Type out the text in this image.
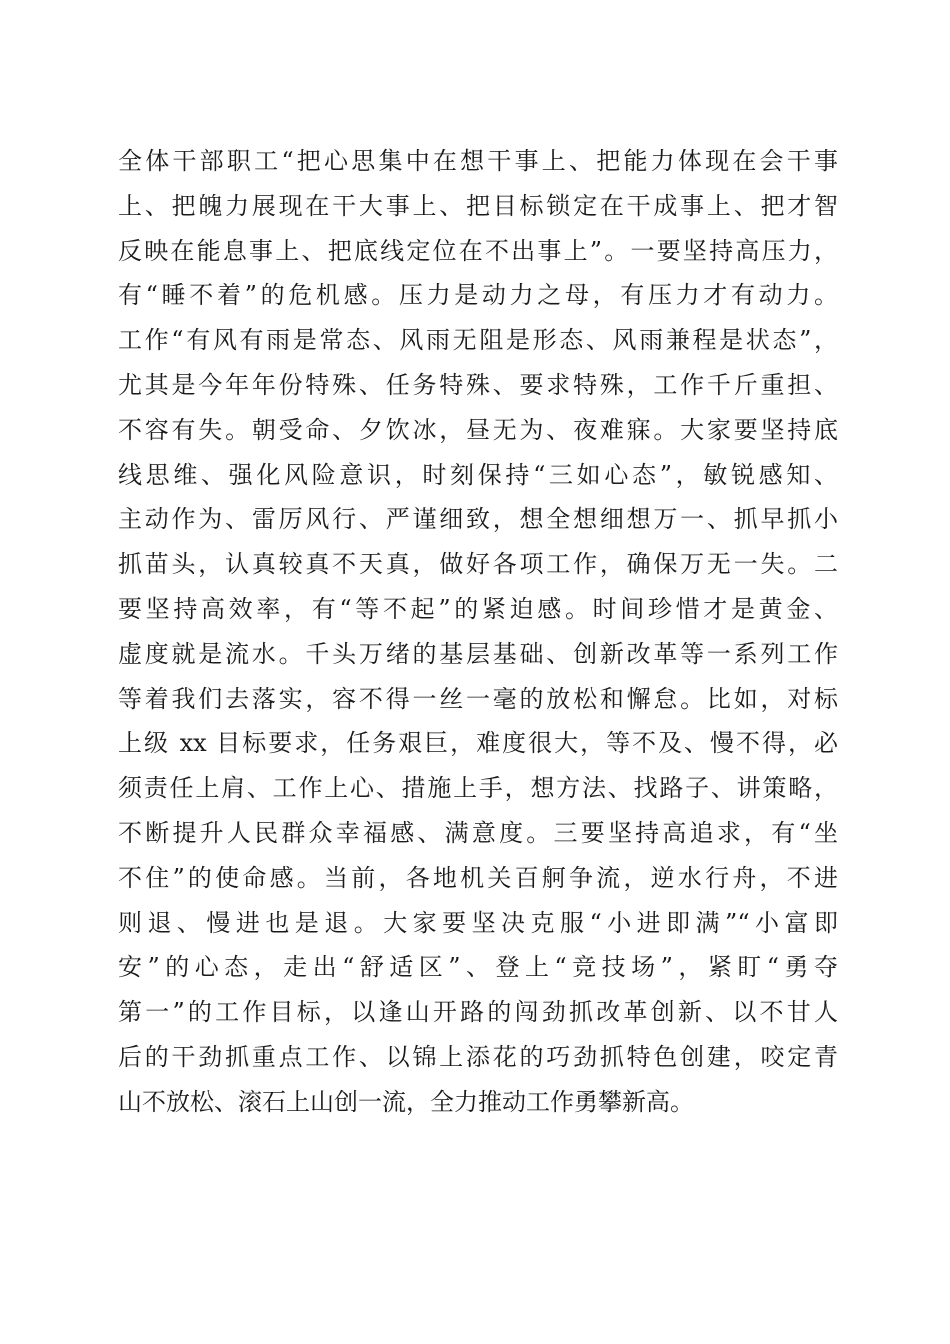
全体干部职工“把心思集中在想干事上、把能力体现在会干事
上、把魄力展现在干大事上、把目标锁定在干成事上、把才智
反映在能息事上、把底线定位在不出事上”。一要坚持高压力，
有“睡不着”的危机感。压力是动力之母，有压力才有动力。
工作“有风有雨是常态、风雨无阻是形态、风雨兼程是状态”，
尤其是今年年份特殊、任务特殊、要求特殊，工作千斤重担、
不容有失。朝受命、夕饮冰，昼无为、夜难寐。大家要坚持底
线思维、强化风险意识，时刻保持“三如心态”，敏锐感知、
主动作为、雷厉风行、严谨细致，想全想细想万一、抓早抓小
抓苗头，认真较真不天真，做好各项工作，确保万无一失。二
要坚持高效率，有“等不起”的紧迫感。时间珍惜才是黄金、
虚度就是流水。千头万绪的基层基础、创新改革等一系列工作
等着我们去落实，容不得一丝一毫的放松和懈怠。比如，对标
上级 xx 目标要求，任务艰巨，难度很大，等不及、慢不得，必
须责任上肩、工作上心、措施上手，想方法、找路子、讲策略，
不断提升人民群众幸福感、满意度。三要坚持高追求，有“坐
不住”的使命感。当前，各地机关百舸争流，逆水行舟，不进
则退、慢进也是退。大家要坚决克服“小进即满”“小富即
安”的心态，走出“舒适区”、登上“竞技场”，紧盯“勇夺
第一”的工作目标，以逢山开路的闯劲抓改革创新、以不甘人
后的干劲抓重点工作、以锦上添花的巧劲抓特色创建，咬定青
山不放松、滚石上山创一流，全力推动工作勇攀新高。
